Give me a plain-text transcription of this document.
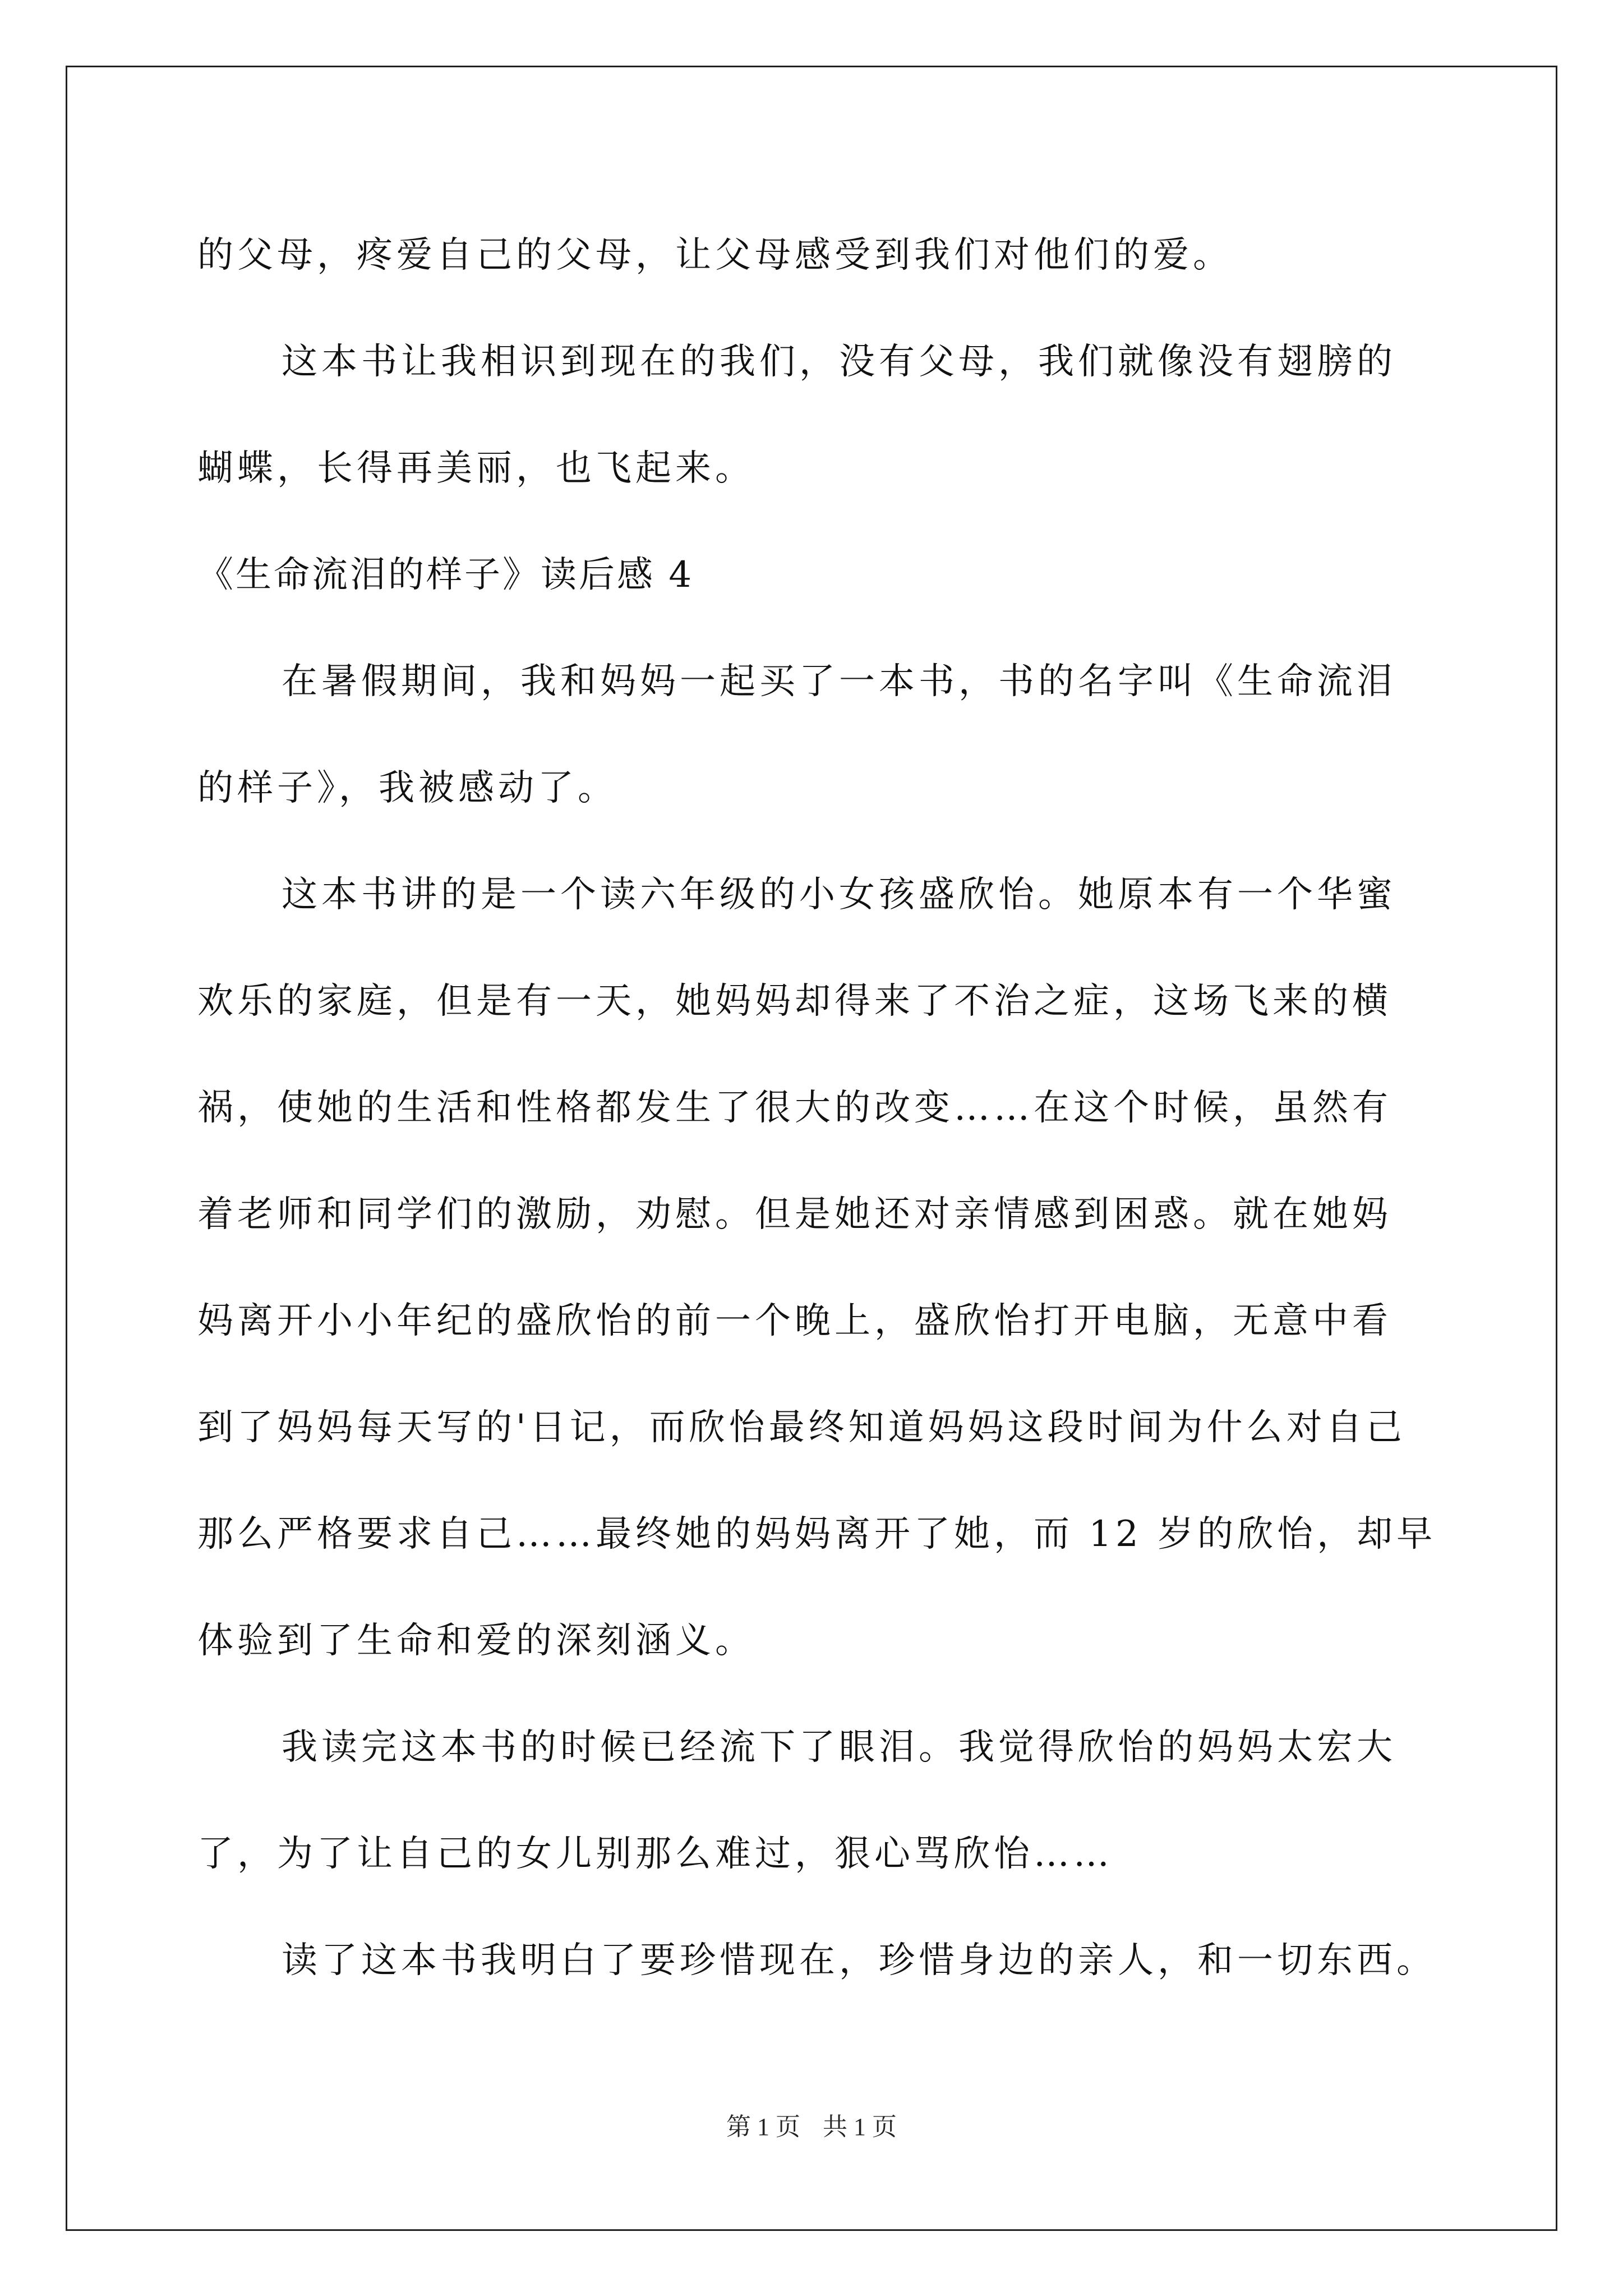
的父母，疼爱自己的父母，让父母感受到我们对他们的爱。

这本书让我相识到现在的我们，没有父母，我们就像没有翅膀的

蝴蝶，长得再美丽，也飞起来。

《生命流泪的样子》读后感 4

在暑假期间，我和妈妈一起买了一本书，书的名字叫《生命流泪

的样子》，我被感动了。

这本书讲的是一个读六年级的小女孩盛欣怡。她原本有一个华蜜

欢乐的家庭，但是有一天，她妈妈却得来了不治之症，这场飞来的横

祸，使她的生活和性格都发生了很大的改变……在这个时候，虽然有

着老师和同学们的激励，劝慰。但是她还对亲情感到困惑。就在她妈

妈离开小小年纪的盛欣怡的前一个晚上，盛欣怡打开电脑，无意中看

到了妈妈每天写的'日记，而欣怡最终知道妈妈这段时间为什么对自己

那么严格要求自己……最终她的妈妈离开了她，而 12 岁的欣怡，却早

体验到了生命和爱的深刻涵义。

我读完这本书的时候已经流下了眼泪。我觉得欣怡的妈妈太宏大

了，为了让自己的女儿别那么难过，狠心骂欣怡……

读了这本书我明白了要珍惜现在，珍惜身边的亲人，和一切东西。

第 1 页 共 1 页
